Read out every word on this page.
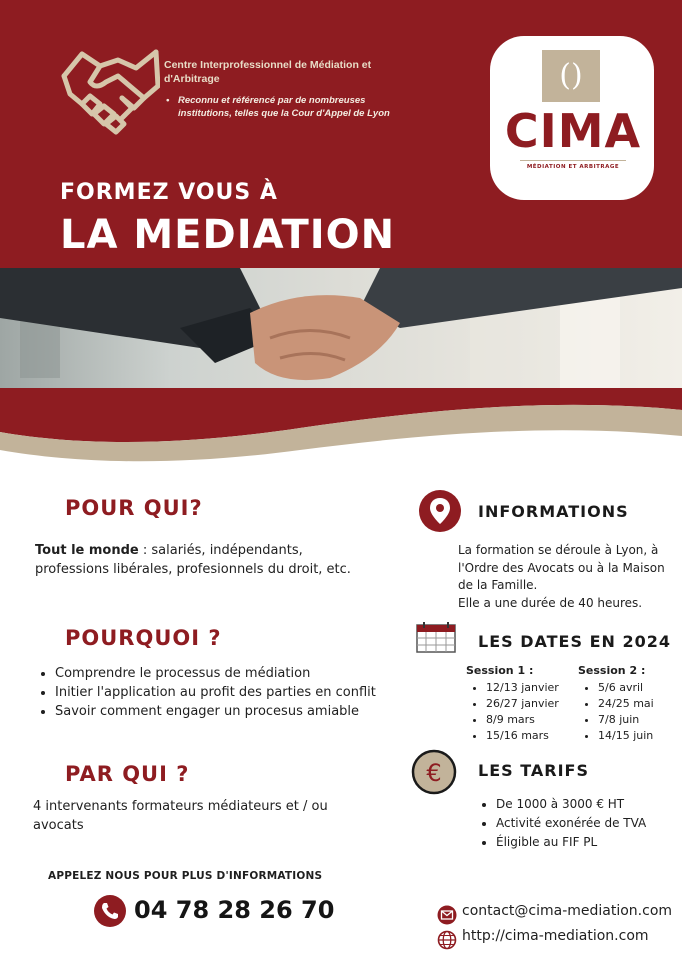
Centre Interprofessionnel de Médiation et d'Arbitrage
• Reconnu et référencé par de nombreuses
institutions, telles que la Cour d'Appel de Lyon
()
CIMA
MÉDIATION ET ARBITRAGE
FORMEZ VOUS À
LA MEDIATION
POUR QUI?
Tout le monde : salariés, indépendants, professions libérales, profesionnels du droit, etc.
POURQUOI ?
• Comprendre le processus de médiation
• Initier l'application au profit des parties en conflit
• Savoir comment engager un procesus amiable
PAR QUI ?
4 intervenants formateurs médiateurs et / ou avocats
INFORMATIONS
La formation se déroule à Lyon, à
l'Ordre des Avocats ou à la Maison
de la Famille.
Elle a une durée de 40 heures.
LES DATES EN 2024
Session 1 :
• 12/13 janvier
• 26/27 janvier
• 8/9 mars
• 15/16 mars
Session 2 :
• 5/6 avril
• 24/25 mai
• 7/8 juin
• 14/15 juin
€ LES TARIFS
• De 1000 à 3000 € HT
• Activité exonérée de TVA
• Éligible au FIF PL
APPELEZ NOUS POUR PLUS D'INFORMATIONS
04 78 28 26 70	contact@cima-mediation.com
http://cima-mediation.com
